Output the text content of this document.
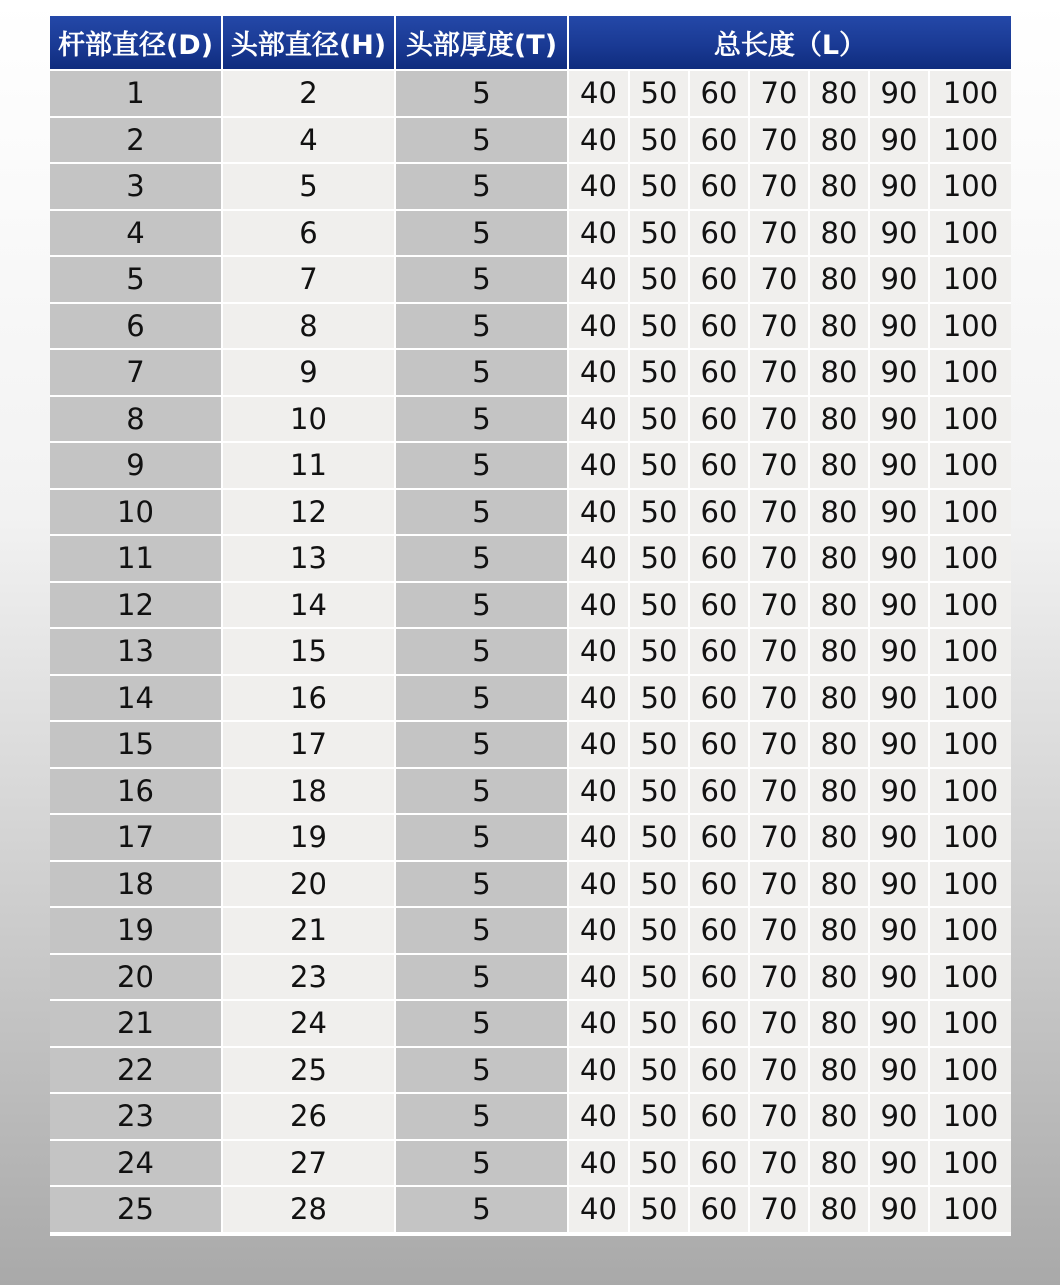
杆部直径(D)	头部直径(H)	头部厚度(T)	总长度（L）						
1	2	5	40	50	60	70	80	90	100
2	4	5	40	50	60	70	80	90	100
3	5	5	40	50	60	70	80	90	100
4	6	5	40	50	60	70	80	90	100
5	7	5	40	50	60	70	80	90	100
6	8	5	40	50	60	70	80	90	100
7	9	5	40	50	60	70	80	90	100
8	10	5	40	50	60	70	80	90	100
9	11	5	40	50	60	70	80	90	100
10	12	5	40	50	60	70	80	90	100
11	13	5	40	50	60	70	80	90	100
12	14	5	40	50	60	70	80	90	100
13	15	5	40	50	60	70	80	90	100
14	16	5	40	50	60	70	80	90	100
15	17	5	40	50	60	70	80	90	100
16	18	5	40	50	60	70	80	90	100
17	19	5	40	50	60	70	80	90	100
18	20	5	40	50	60	70	80	90	100
19	21	5	40	50	60	70	80	90	100
20	23	5	40	50	60	70	80	90	100
21	24	5	40	50	60	70	80	90	100
22	25	5	40	50	60	70	80	90	100
23	26	5	40	50	60	70	80	90	100
24	27	5	40	50	60	70	80	90	100
25	28	5	40	50	60	70	80	90	100
